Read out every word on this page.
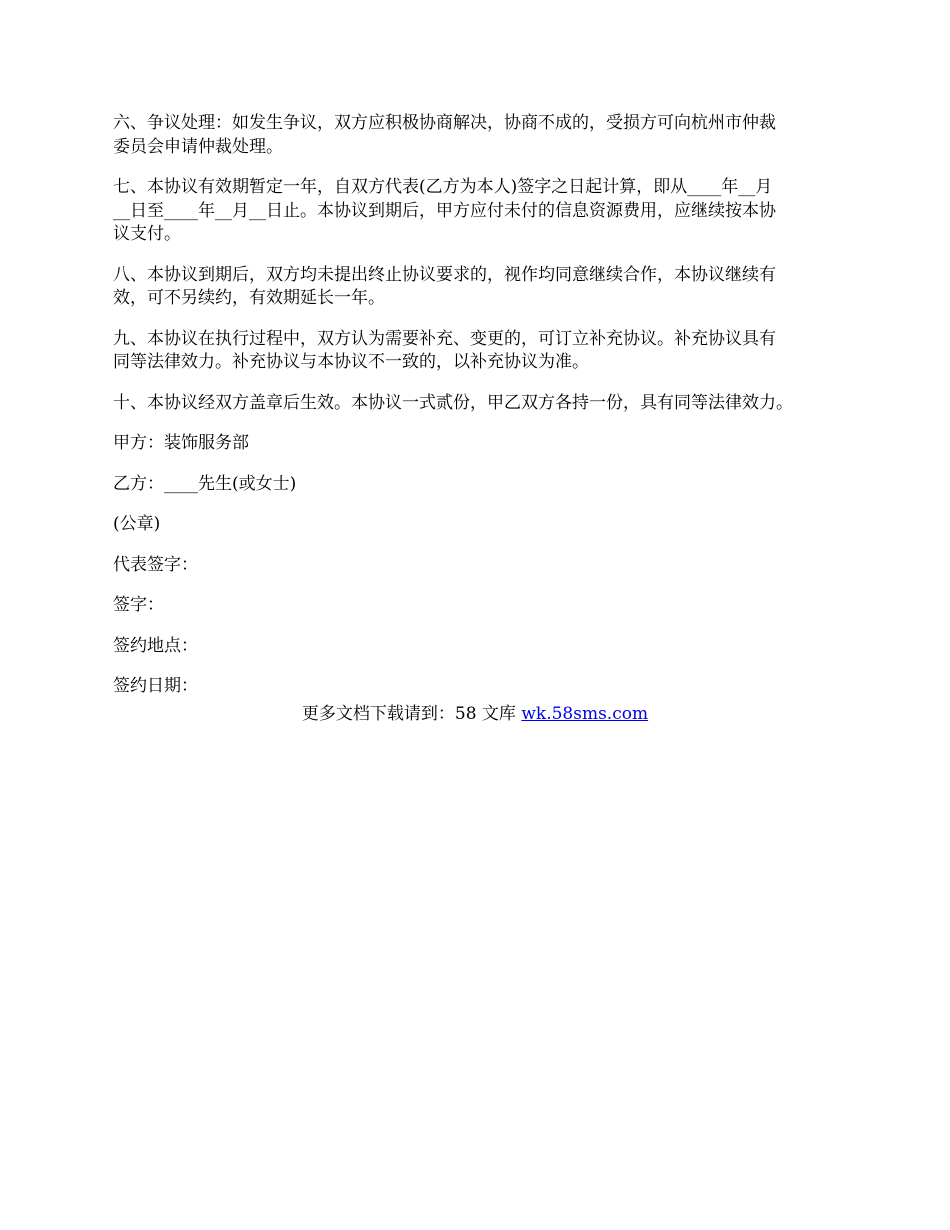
六、争议处理：如发生争议，双方应积极协商解决，协商不成的，受损方可向杭州市仲裁
委员会申请仲裁处理。

七、本协议有效期暂定一年，自双方代表(乙方为本人)签字之日起计算，即从____年__月
__日至____年__月__日止。本协议到期后，甲方应付未付的信息资源费用，应继续按本协
议支付。

八、本协议到期后，双方均未提出终止协议要求的，视作均同意继续合作，本协议继续有
效，可不另续约，有效期延长一年。

九、本协议在执行过程中，双方认为需要补充、变更的，可订立补充协议。补充协议具有
同等法律效力。补充协议与本协议不一致的，以补充协议为准。

十、本协议经双方盖章后生效。本协议一式贰份，甲乙双方各持一份，具有同等法律效力。

甲方：装饰服务部

乙方：____先生(或女士)

(公章)

代表签字：

签字：

签约地点：

签约日期：

更多文档下载请到：58 文库 wk.58sms.com
